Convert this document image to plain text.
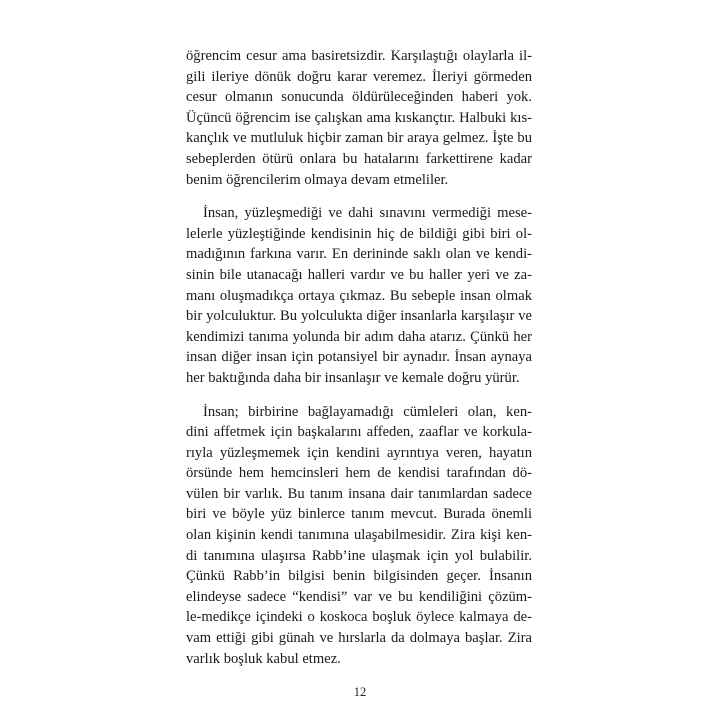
öğrencim cesur ama basiretsizdir. Karşılaştığı olaylarla il-
gili ileriye dönük doğru karar veremez. İleriyi görmeden
cesur olmanın sonucunda öldürüleceğinden haberi yok.
Üçüncü öğrencim ise çalışkan ama kıskançtır. Halbuki kıs-
kançlık ve mutluluk hiçbir zaman bir araya gelmez. İşte bu
sebeplerden ötürü onlara bu hatalarını farkettirene kadar
benim öğrencilerim olmaya devam etmeliler.
İnsan, yüzleşmediği ve dahi sınavını vermediği mese-
lelerle yüzleştiğinde kendisinin hiç de bildiği gibi biri ol-
madığının farkına varır. En derininde saklı olan ve kendi-
sinin bile utanacağı halleri vardır ve bu haller yeri ve za-
manı oluşmadıkça ortaya çıkmaz. Bu sebeple insan olmak
bir yolculuktur. Bu yolculukta diğer insanlarla karşılaşır ve
kendimizi tanıma yolunda bir adım daha atarız. Çünkü her
insan diğer insan için potansiyel bir aynadır. İnsan aynaya
her baktığında daha bir insanlaşır ve kemale doğru yürür.
İnsan; birbirine bağlayamadığı cümleleri olan, ken-
dini affetmek için başkalarını affeden, zaaflar ve korkula-
rıyla yüzleşmemek için kendini ayrıntıya veren, hayatın
örsünde hem hemcinsleri hem de kendisi tarafından dö-
vülen bir varlık. Bu tanım insana dair tanımlardan sadece
biri ve böyle yüz binlerce tanım mevcut. Burada önemli
olan kişinin kendi tanımına ulaşabilmesidir. Zira kişi ken-
di tanımına ulaşırsa Rabb’ine ulaşmak için yol bulabilir.
Çünkü Rabb’in bilgisi benin bilgisinden geçer. İnsanın
elindeyse sadece “kendisi” var ve bu kendiliğini çözüm-
le-medikçe içindeki o koskoca boşluk öylece kalmaya de-
vam ettiği gibi günah ve hırslarla da dolmaya başlar. Zira
varlık boşluk kabul etmez.
12
